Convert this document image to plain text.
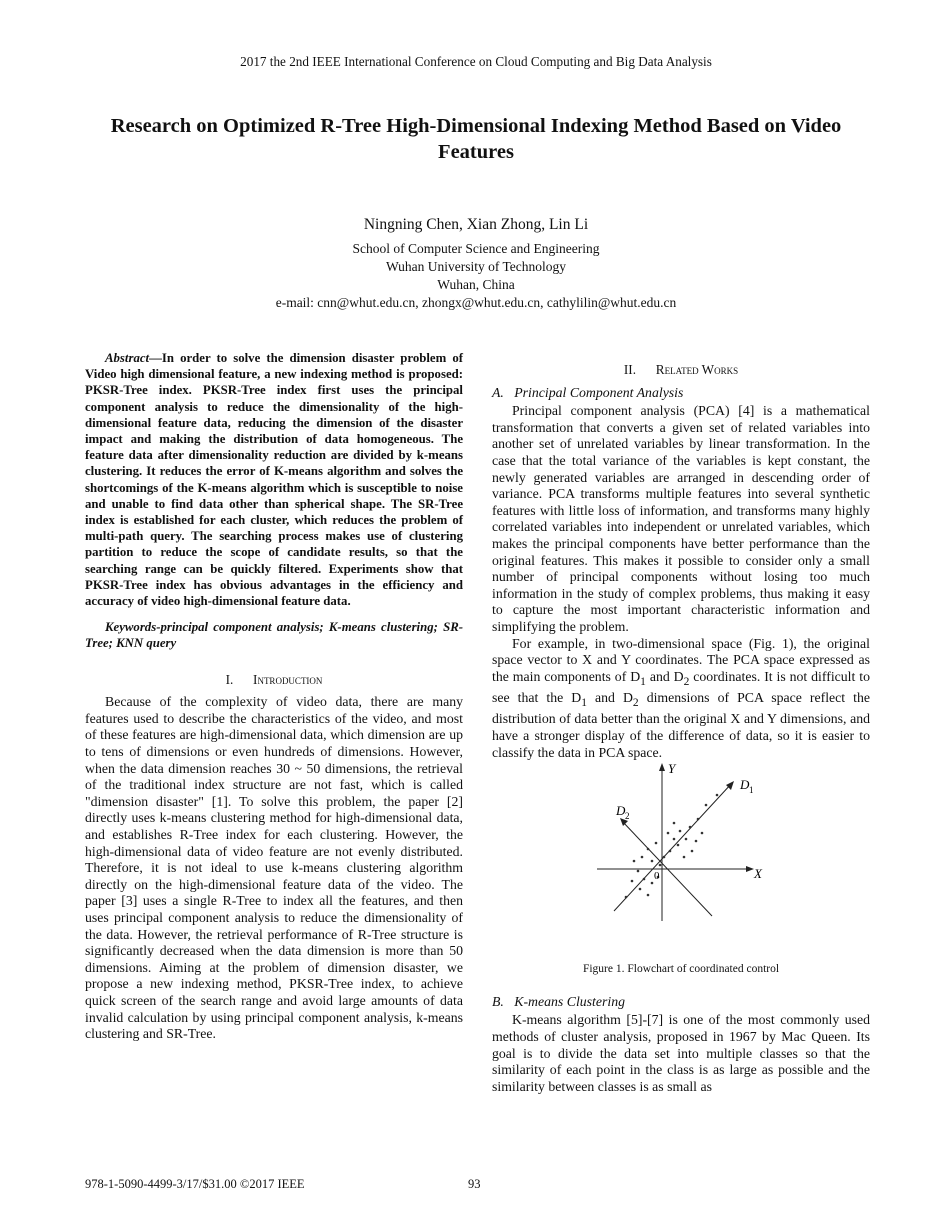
2017 the 2nd IEEE International Conference on Cloud Computing and Big Data Analysis
Research on Optimized R-Tree High-Dimensional Indexing Method Based on Video
Features
Ningning Chen, Xian Zhong, Lin Li
School of Computer Science and Engineering
Wuhan University of Technology
Wuhan, China
e-mail: cnn@whut.edu.cn, zhongx@whut.edu.cn, cathylilin@whut.edu.cn

Abstract—In order to solve the dimension disaster problem of Video high dimensional feature, a new indexing method is proposed: PKSR-Tree index. PKSR-Tree index first uses the principal component analysis to reduce the dimensionality of the high-dimensional feature data, reducing the dimension of the disaster impact and making the distribution of data homogeneous. The feature data after dimensionality reduction are divided by k-means clustering. It reduces the error of K-means algorithm and solves the shortcomings of the K-means algorithm which is susceptible to noise and unable to find data other than spherical shape. The SR-Tree index is established for each cluster, which reduces the problem of multi-path query. The searching process makes use of clustering partition to reduce the scope of candidate results, so that the searching range can be quickly filtered. Experiments show that PKSR-Tree index has obvious advantages in the efficiency and accuracy of video high-dimensional feature data.

Keywords-principal component analysis; K-means clustering; SR-Tree; KNN query

I. Introduction

Because of the complexity of video data, there are many features used to describe the characteristics of the video, and most of these features are high-dimensional data, which dimension are up to tens of dimensions or even hundreds of dimensions. However, when the data dimension reaches 30 ~ 50 dimensions, the retrieval of the traditional index structure are not fast, which is called "dimension disaster" [1]. To solve this problem, the paper [2] directly uses k-means clustering method for high-dimensional data, and establishes R-Tree index for each clustering. However, the high-dimensional data of video feature are not evenly distributed. Therefore, it is not ideal to use k-means clustering algorithm directly on the high-dimensional feature data of the video. The paper [3] uses a single R-Tree to index all the features, and then uses principal component analysis to reduce the dimensionality of the data. However, the retrieval performance of R-Tree structure is significantly decreased when the data dimension is more than 50 dimensions. Aiming at the problem of dimension disaster, we propose a new indexing method, PKSR-Tree index, to achieve quick screen of the search range and avoid large amounts of data invalid calculation by using principal component analysis, k-means clustering and SR-Tree.

II. Related Works
A. Principal Component Analysis

Principal component analysis (PCA) [4] is a mathematical transformation that converts a given set of related variables into another set of unrelated variables by linear transformation. In the case that the total variance of the variables is kept constant, the newly generated variables are arranged in descending order of variance. PCA transforms multiple features into several synthetic features with little loss of information, and transforms many highly correlated variables into independent or unrelated variables, which makes the principal components have better performance than the original features. This makes it possible to consider only a small number of principal components without losing too much information in the study of complex problems, thus making it easy to capture the most important characteristic information and simplifying the problem.

For example, in two-dimensional space (Fig. 1), the original space vector to X and Y coordinates. The PCA space expressed as the main components of $D_1$ and $D_2$ coordinates. It is not difficult to see that the $D_1$ and $D_2$ dimensions of PCA space reflect the distribution of data better than the original X and Y dimensions, and have a stronger display of the difference of data, so it is easier to classify the data in PCA space.

Y
X
D 1
D 2
0
Figure 1. Flowchart of coordinated control
B. K-means Clustering

K-means algorithm [5]-[7] is one of the most commonly used methods of cluster analysis, proposed in 1967 by Mac Queen. Its goal is to divide the data set into multiple classes so that the similarity of each point in the class is as large as possible and the similarity between classes is as small as

978-1-5090-4499-3/17/$31.00 ©2017 IEEE	93
